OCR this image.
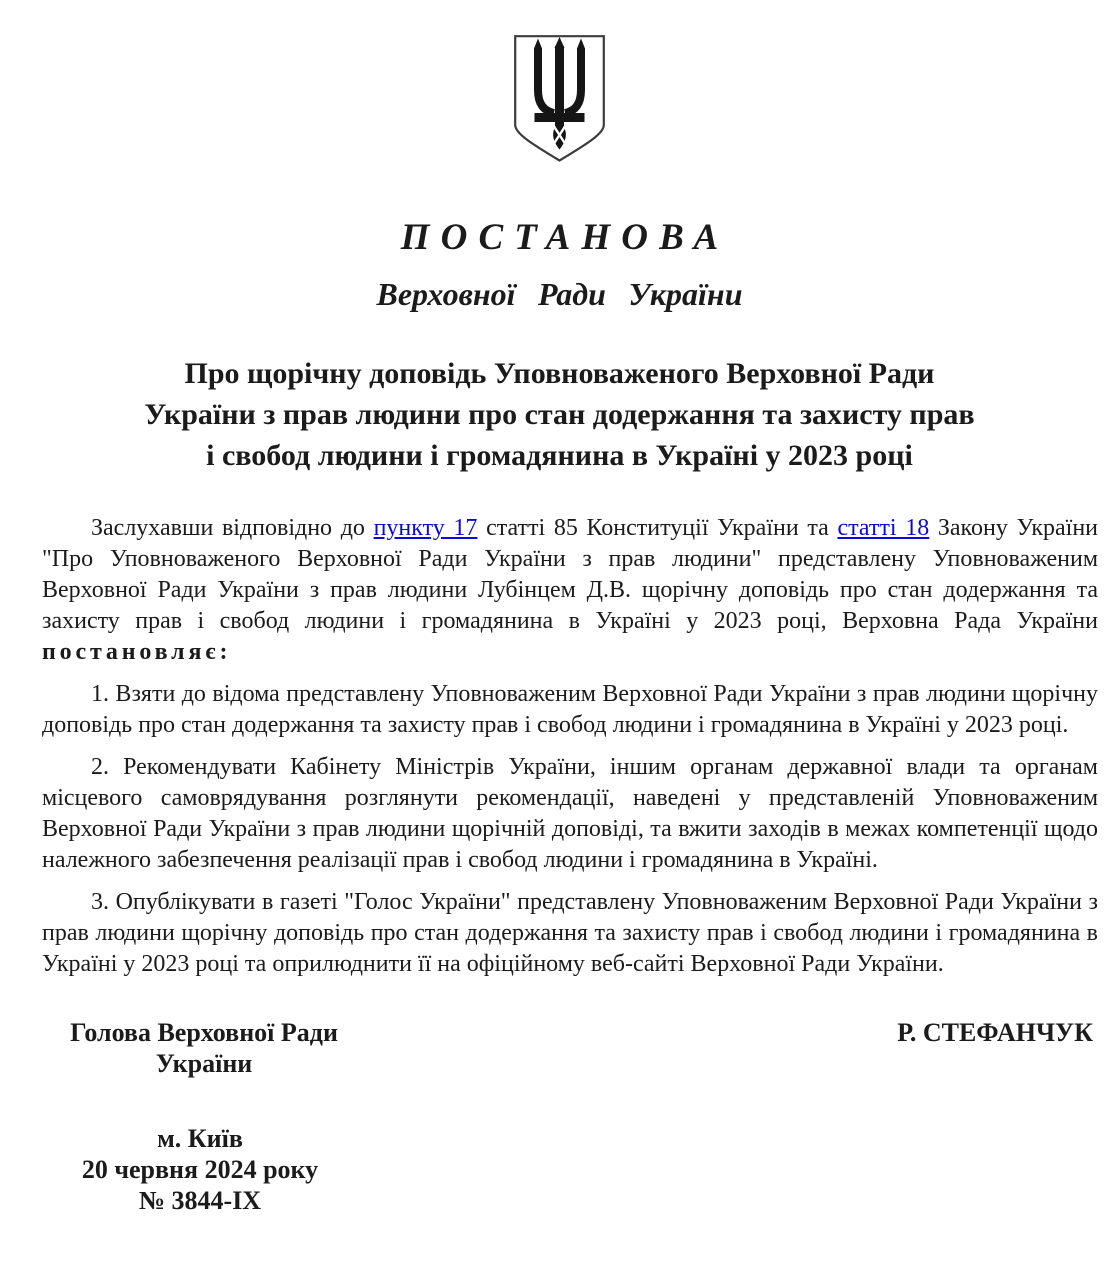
ПОСТАНОВА
Верховної Ради України
Про щорічну доповідь Уповноваженого Верховної Ради
України з прав людини про стан додержання та захисту прав
і свобод людини і громадянина в Україні у 2023 році

Заслухавши відповідно до пункту 17 статті 85 Конституції України та статті 18 Закону України "Про Уповноваженого Верховної Ради України з прав людини" представлену Уповноваженим Верховної Ради України з прав людини Лубінцем Д.В. щорічну доповідь про стан додержання та захисту прав і свобод людини і громадянина в Україні у 2023 році, Верховна Рада України постановляє:

1. Взяти до відома представлену Уповноваженим Верховної Ради України з прав людини щорічну доповідь про стан додержання та захисту прав і свобод людини і громадянина в Україні у 2023 році.

2. Рекомендувати Кабінету Міністрів України, іншим органам державної влади та органам місцевого самоврядування розглянути рекомендації, наведені у представленій Уповноваженим Верховної Ради України з прав людини щорічній доповіді, та вжити заходів в межах компетенції щодо належного забезпечення реалізації прав і свобод людини і громадянина в Україні.

3. Опублікувати в газеті "Голос України" представлену Уповноваженим Верховної Ради України з прав людини щорічну доповідь про стан додержання та захисту прав і свобод людини і громадянина в Україні у 2023 році та оприлюднити її на офіційному веб-сайті Верховної Ради України.

Голова Верховної Ради
України
Р. СТЕФАНЧУК
м. Київ
20 червня 2024 року
№ 3844-IX
